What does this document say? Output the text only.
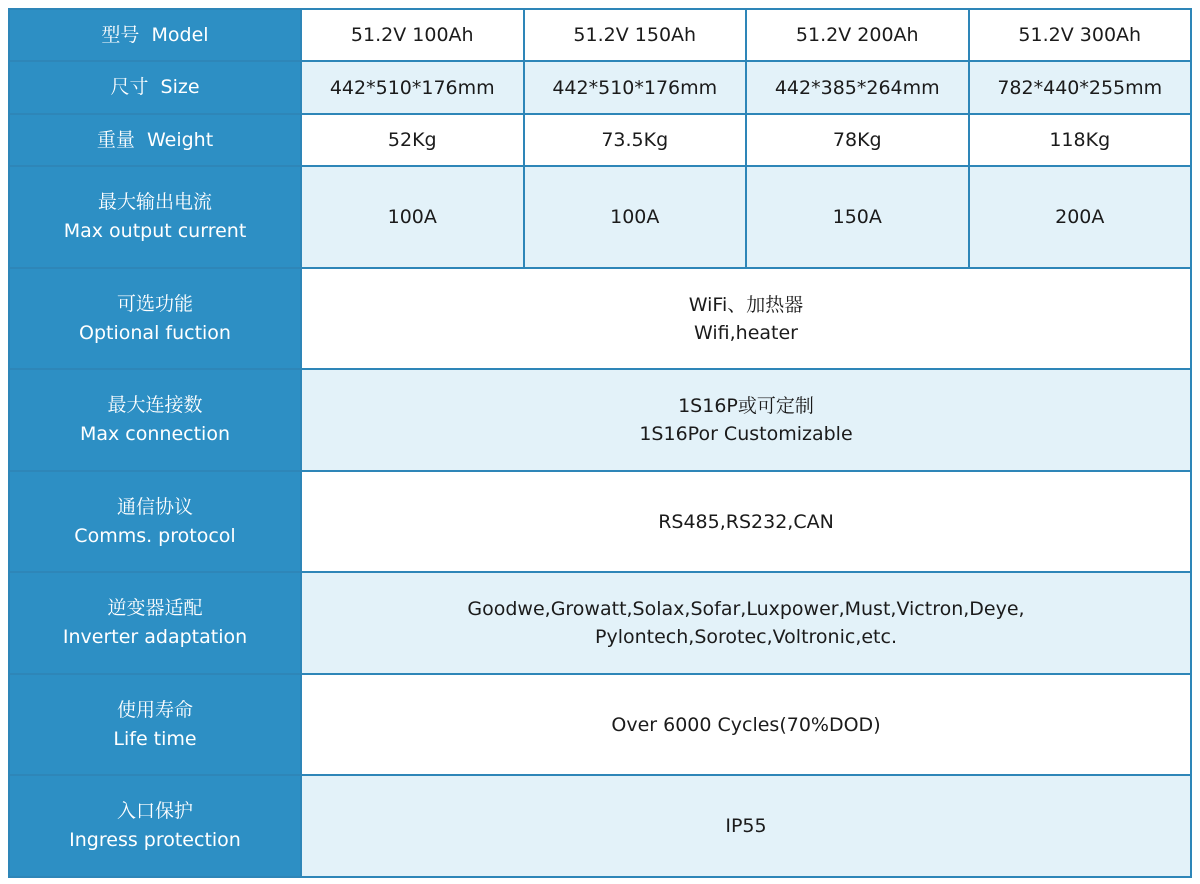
型号 Model	51.2V 100Ah	51.2V 150Ah	51.2V 200Ah	51.2V 300Ah
尺寸 Size	442*510*176mm	442*510*176mm	442*385*264mm	782*440*255mm
重量 Weight	52Kg	73.5Kg	78Kg	118Kg

最大输出电流
Max output current	100A	100A	150A	200A

可选功能
Optional fuction	WiFi、加热器
Wifi,heater			

最大连接数
Max connection	1S16P或可定制
1S16Por Customizable			

通信协议
Comms. protocol	RS485,RS232,CAN			

逆变器适配
Inverter adaptation	Goodwe,Growatt,Solax,Sofar,Luxpower,Must,Victron,Deye,
Pylontech,Sorotec,Voltronic,etc.			

使用寿命
Life time	Over 6000 Cycles(70%DOD)			

入口保护
Ingress protection	IP55			
